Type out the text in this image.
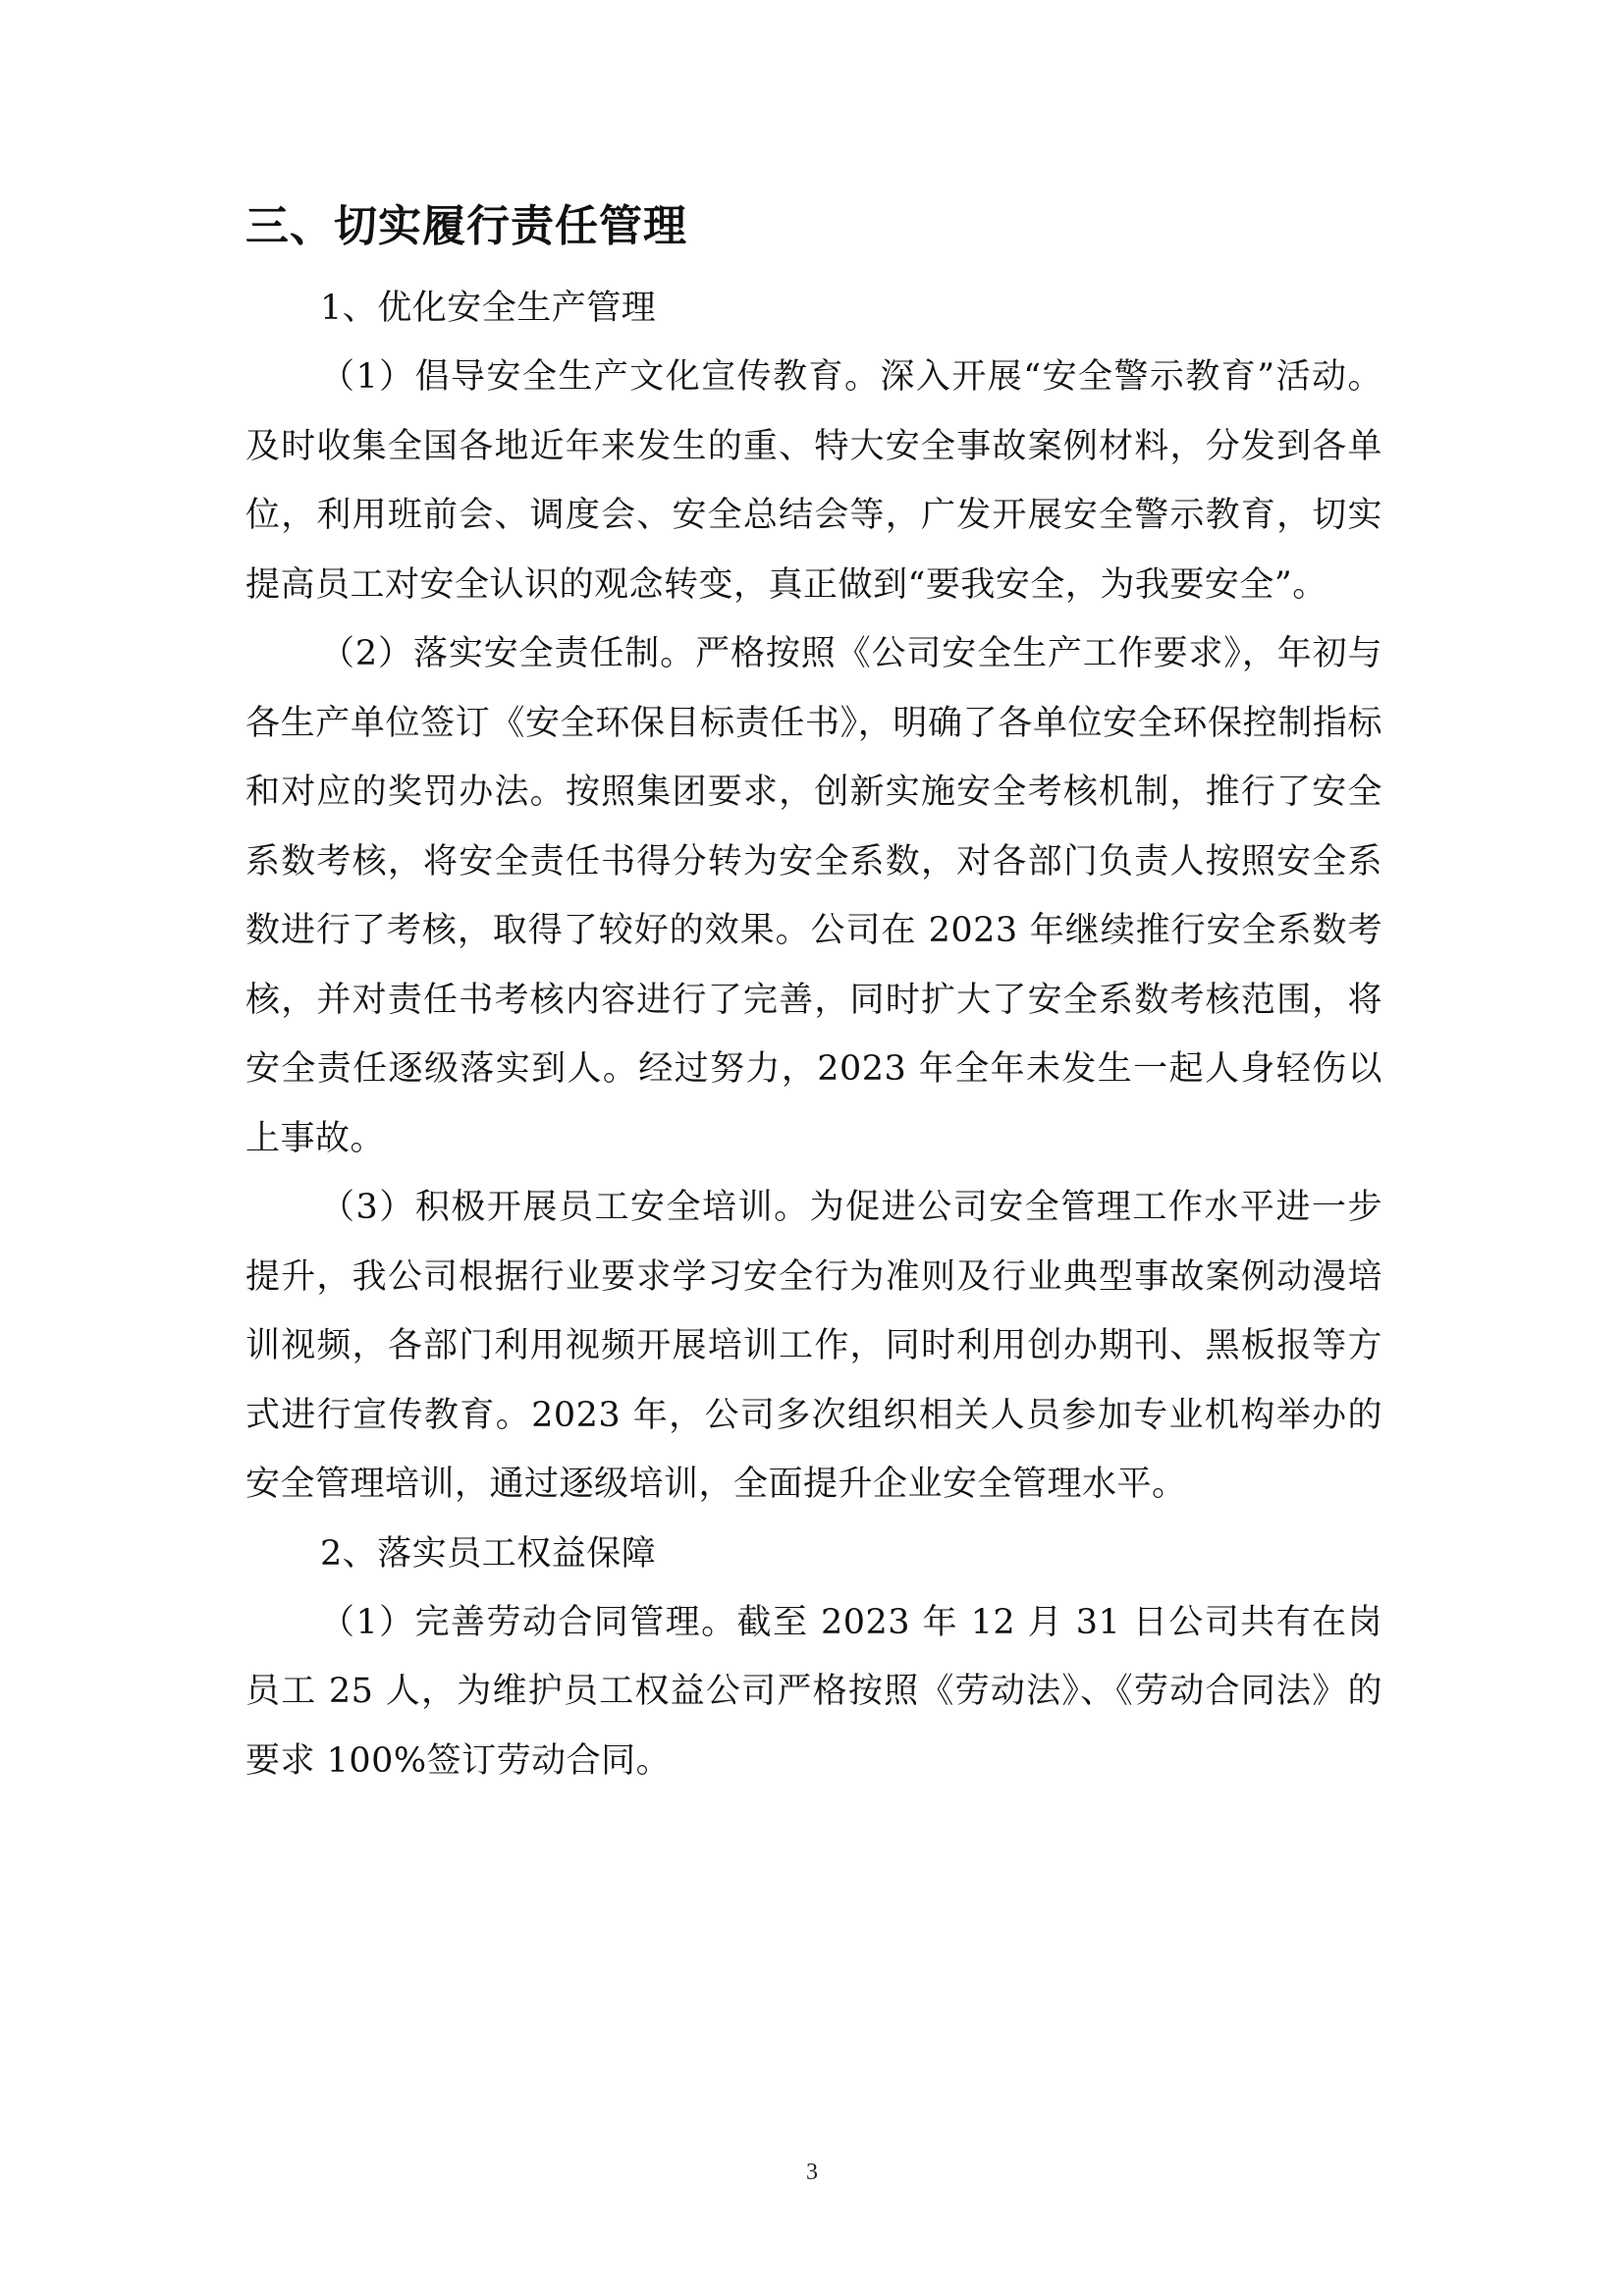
三、切实履行责任管理

1、优化安全生产管理

（1）倡导安全生产文化宣传教育。深入开展“安全警示教育”活动。及时收集全国各地近年来发生的重、特大安全事故案例材料，分发到各单位，利用班前会、调度会、安全总结会等，广发开展安全警示教育，切实提高员工对安全认识的观念转变，真正做到“要我安全，为我要安全”。

（2）落实安全责任制。严格按照《公司安全生产工作要求》，年初与各生产单位签订《安全环保目标责任书》，明确了各单位安全环保控制指标和对应的奖罚办法。按照集团要求，创新实施安全考核机制，推行了安全系数考核，将安全责任书得分转为安全系数，对各部门负责人按照安全系数进行了考核，取得了较好的效果。公司在 2023 年继续推行安全系数考核，并对责任书考核内容进行了完善，同时扩大了安全系数考核范围，将安全责任逐级落实到人。经过努力，2023 年全年未发生一起人身轻伤以上事故。

（3）积极开展员工安全培训。为促进公司安全管理工作水平进一步提升，我公司根据行业要求学习安全行为准则及行业典型事故案例动漫培训视频，各部门利用视频开展培训工作，同时利用创办期刊、黑板报等方式进行宣传教育。2023 年，公司多次组织相关人员参加专业机构举办的安全管理培训，通过逐级培训，全面提升企业安全管理水平。

2、落实员工权益保障

（1）完善劳动合同管理。截至 2023 年 12 月 31 日公司共有在岗员工 25 人，为维护员工权益公司严格按照《劳动法》、《劳动合同法》的要求 100%签订劳动合同。

3
